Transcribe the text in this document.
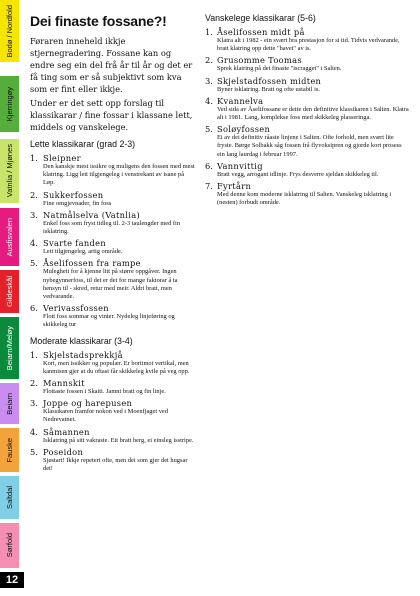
Bodø / Nordfold
Kjerringøy
Vatnlia / Mjønes
Ausfisvalen
Gildeskål
Beiarn/Meløy
Beiarn
Fauske
Saltdal
Sørfold
12
Dei finaste fossane?!

Føraren inneheld ikkje stjernegradering. Fossane kan og endre seg ein del frå år til år og det er få ting som er så subjektivt som kva som er fint eller ikkje.

Under er det sett opp forslag til klassikarar / fine fossar i klassane lett, middels og vanskelege.

Lette klassikarar (grad 2-3)
1. Sleipner
Den kanskje mest issikre og muligens den fossen med mest klatring. Ligg lett tilgjengeleg i venstrekant av isane på Løp.
2. Sukkerfossen
Fine omgjevnader, fin foss
3. Natmålselva (Vatnlia)
Enkel foss som fryst tidleg til. 2-3 taulengder med fin isklatring.
4. Svarte fanden
Lett tilgjengeleg, artig område.
5. Åselifossen fra rampe
Mulegheit for å kjenne litt på større oppgåver. Ingen nybegynnerfoss, til det er det for mange faktorar å ta hensyn til - skred, retur med meir. Aldri bratt, men vedvarande.
6. Verivassfossen
Flott foss sommar og vinter. Nydeleg linjeføring og skikkeleg tur
Moderate klassikarar (3-4)
1. Skjelstadsprekkjå
Kort, men issikker og populær. Er bortimot vertikal, men kanmisen gjer at du oftast får skikkeleg kvile på veg opp.
2. Mannskit
Flottaste fossen i Skaiti. Jamnt bratt og fin linje.
3. Joppe og harepusen
Klassikaren framfor nokon ved i Moenfjaget ved Nedrevatnet.
4. Såmannen
Isklatring på sitt vakraste. Eit bratt berg, ei einsleg isstripe.
5. Poseidon
Sjøstart! Ikkje repetert ofte, men dei som gjer det hugsar det!
Vanskelege klassikarar (5-6)
1. Åselifossen midt på
Klatra alt i 1982 - ein svært bra prestasjon for si tid. Tidvis vedvarande, bratt klatring opp dette "havet" av is.
2. Grusomme Toomas
Sprek klatring på det finaste "iscragget" i Salten.
3. Skjelstadfossen midten
Byner isklatring. Bratt og ofte ustabil is.
4. Kvannelva
Ved sida av Åselifossane er dette den definitive klassikaren i Salten. Klatra alt i 1981. Lang, komplekse foss med skikkeleg plasseringa.
5. Soløyfossen
Ei av dei definitiv råaste linjene i Salten. Ofte forhold, men svært lite fryste. Børge Solbakk såg fossen frå flyvoksipren og gjorde kort prosess ein lang laurdag i februar 1997.
6. Vannvittig
Bratt vegg, arrogant idlinje. Frys desverre sjeldan skikkeleg til.
7. Fyrtårn
Med denne kom moderne isklatring til Salten. Vanskeleg isklatring i (nesten) forbudt område.
